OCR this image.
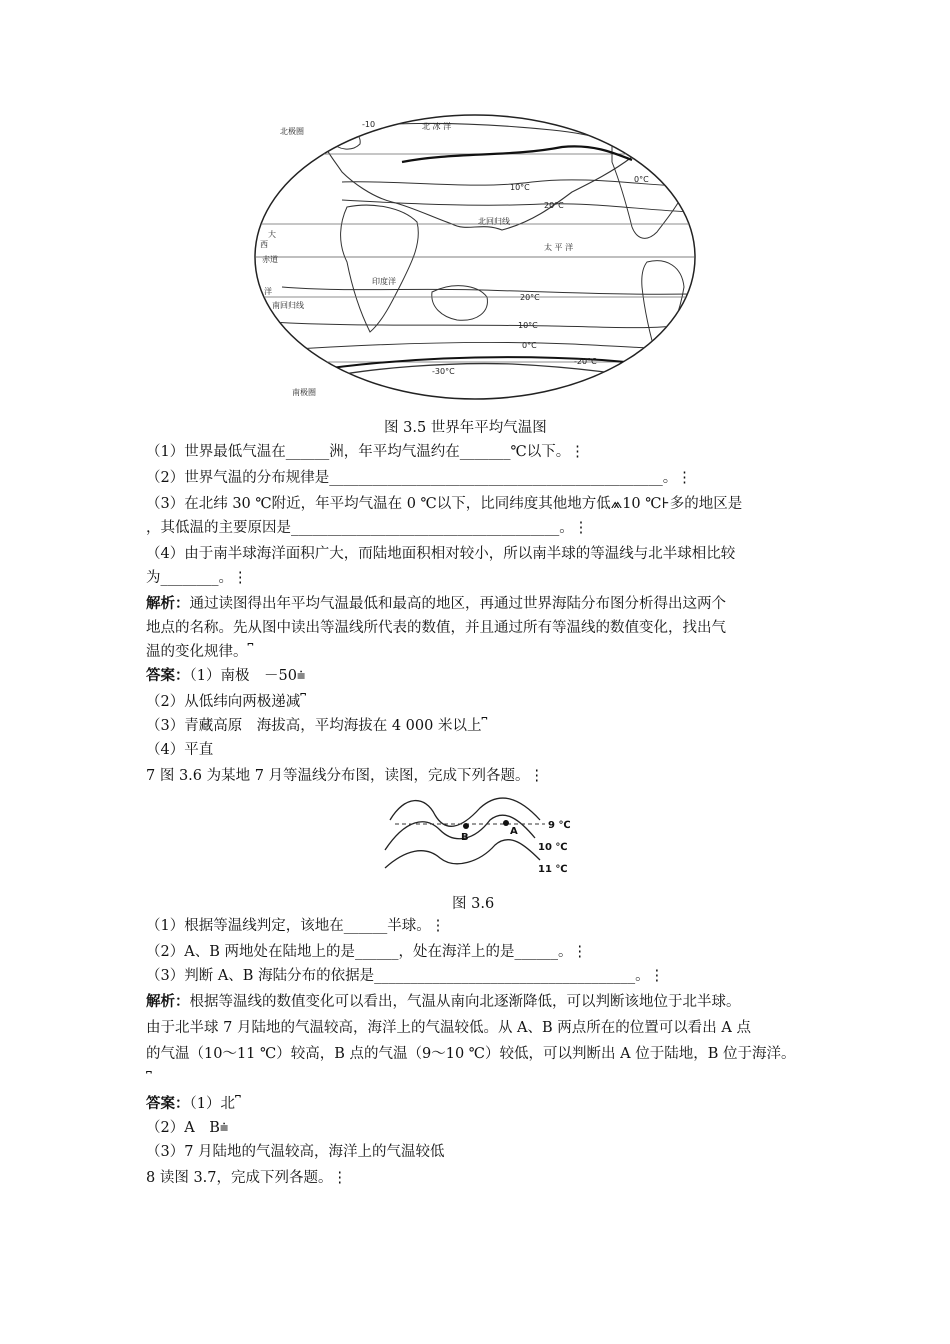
-10
北极圈
北 冰 洋
0°C
10°C
20°C
北回归线
大
西	太 平 洋
赤道
印度洋
洋
20°C
南回归线
10°C
0°C
-20°C
-30°C
南极圈
图 3.5 世界年平均气温图
（1）世界最低气温在______洲，年平均气温约在_______℃以下。⋮
（2）世界气温的分布规律是______________________________________________。⋮
（3）在北纬 30 ℃附近，年平均气温在 0 ℃以下，比同纬度其他地方低⩕10 ℃⊦多的地区是
，其低温的主要原因是_____________________________________。⋮
（4）由于南半球海洋面积广大，而陆地面积相对较小，所以南半球的等温线与北半球相比较
为________。⋮
解析：通过读图得出年平均气温最低和最高的地区，再通过世界海陆分布图分析得出这两个
地点的名称。先从图中读出等温线所代表的数值，并且通过所有等温线的数值变化，找出气
温的变化规律。⎴
答案：（1）南极　－50⩧
（2）从低纬向两极递减⎴
（3）青藏高原　海拔高，平均海拔在 4 000 米以上⎴
（4）平直
7 图 3.6 为某地 7 月等温线分布图，读图，完成下列各题。⋮
B
A
9 ℃
10 ℃
11 ℃
图 3.6
（1）根据等温线判定，该地在______半球。⋮
（2）A、B 两地处在陆地上的是______，处在海洋上的是______。⋮
（3）判断 A、B 海陆分布的依据是____________________________________。⋮
解析：根据等温线的数值变化可以看出，气温从南向北逐渐降低，可以判断该地位于北半球。
由于北半球 7 月陆地的气温较高，海洋上的气温较低。从 A、B 两点所在的位置可以看出 A 点
的气温（10～11 ℃）较高，B 点的气温（9～10 ℃）较低，可以判断出 A 位于陆地，B 位于海洋。
⎴
答案：（1）北⎴
（2）A　B⩧
（3）7 月陆地的气温较高，海洋上的气温较低
8 读图 3.7，完成下列各题。⋮
